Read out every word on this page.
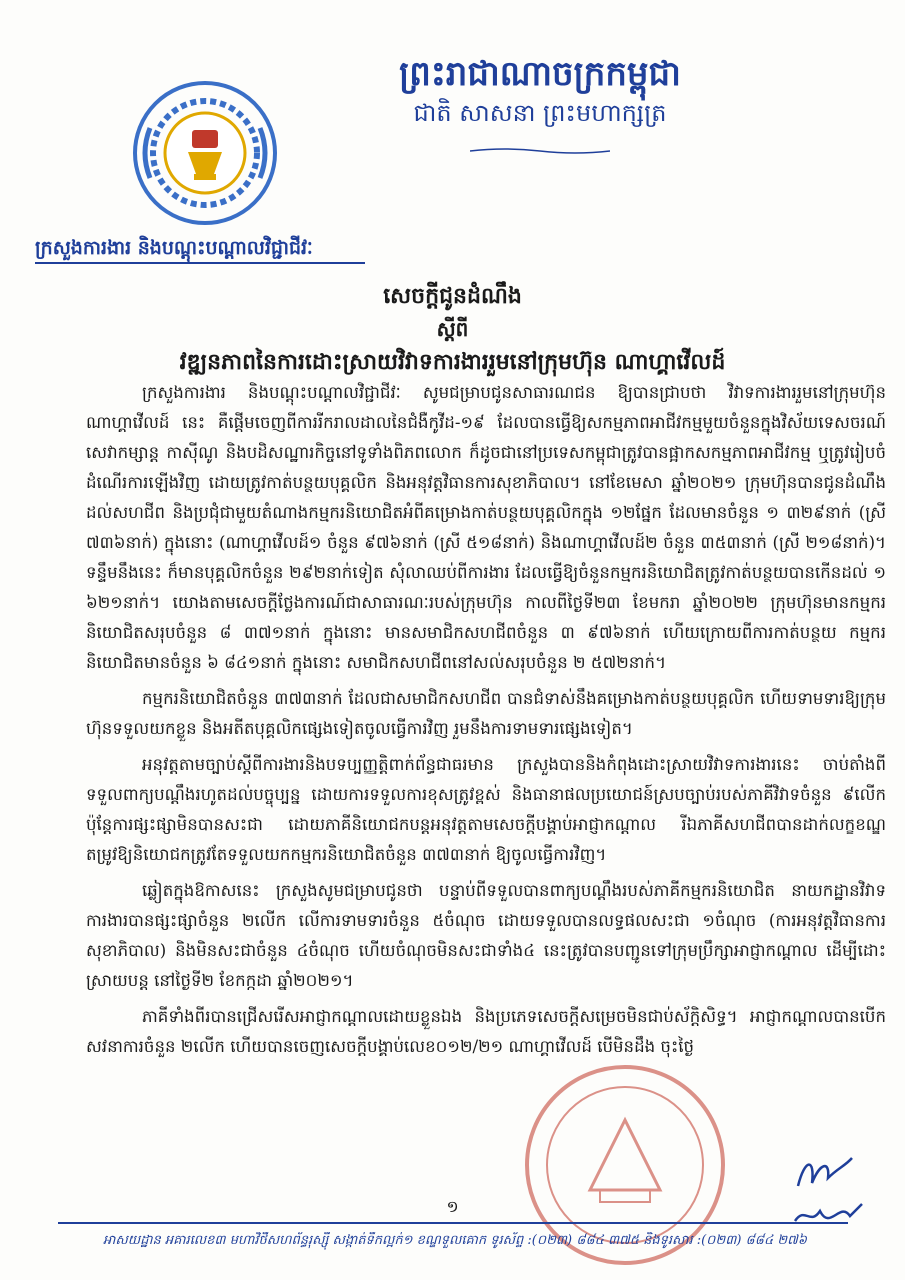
ព្រះរាជាណាចក្រកម្ពុជា
ជាតិ សាសនា ព្រះមហាក្សត្រ
ក្រសួងការងារ និងបណ្តុះបណ្តាលវិជ្ជាជីវៈ
សេចក្តីជូនដំណឹង
ស្តីពី
វឌ្ឍនភាពនៃការដោះស្រាយវិវាទការងាររួមនៅក្រុមហ៊ុន ណាហ្គាវើលដ៍

ក្រសួងការងារ និងបណ្តុះបណ្តាលវិជ្ជាជីវៈ សូមជម្រាបជូនសាធារណជន ឱ្យបានជ្រាបថា វិវាទការងាររួមនៅក្រុមហ៊ុន ណាហ្គាវើលដ៍ នេះ គឺផ្តើមចេញពីការរីករាលដាលនៃជំងឺកូវីដ-១៩ ដែលបានធ្វើឱ្យសកម្មភាពអាជីវកម្មមួយចំនួនក្នុងវិស័យទេសចរណ៍ សេវាកម្សាន្ត កាស៊ីណូ និងបដិសណ្ឋារកិច្ចនៅទូទាំងពិភពលោក ក៏ដូចជានៅប្រទេសកម្ពុជាត្រូវបានផ្អាកសកម្មភាពអាជីវកម្ម ឬត្រូវរៀបចំដំណើរការឡើងវិញ ដោយត្រូវកាត់បន្ថយបុគ្គលិក និងអនុវត្តវិធានការសុខាភិបាល។ នៅខែមេសា ឆ្នាំ២០២១ ក្រុមហ៊ុនបានជូនដំណឹងដល់សហជីព និងប្រជុំជាមួយតំណាងកម្មករនិយោជិតអំពីគម្រោងកាត់បន្ថយបុគ្គលិកក្នុង ១២ផ្នែក ដែលមានចំនួន ១ ៣២៩នាក់ (ស្រី ៧៣៦នាក់) ក្នុងនោះ (ណាហ្គាវើលដ៍១ ចំនួន ៩៧៦នាក់ (ស្រី ៥១៨នាក់) និងណាហ្គាវើលដ៍២ ចំនួន ៣៥៣នាក់ (ស្រី ២១៨នាក់)។ ទន្ទឹមនឹងនេះ ក៏មានបុគ្គលិកចំនួន ២៩២នាក់ទៀត សុំលាឈប់ពីការងារ ដែលធ្វើឱ្យចំនួនកម្មករនិយោជិតត្រូវកាត់បន្ថយបានកើនដល់ ១ ៦២១នាក់។ យោងតាមសេចក្តីថ្លែងការណ៍ជាសាធារណៈរបស់ក្រុមហ៊ុន កាលពីថ្ងៃទី២៣ ខែមករា ឆ្នាំ២០២២ ក្រុមហ៊ុនមានកម្មករនិយោជិតសរុបចំនួន ៨ ៣៧១នាក់ ក្នុងនោះ មានសមាជិកសហជីពចំនួន ៣ ៩៧៦នាក់ ហើយក្រោយពីការកាត់បន្ថយ កម្មករនិយោជិតមានចំនួន ៦ ៨៤១នាក់ ក្នុងនោះ សមាជិកសហជីពនៅសល់សរុបចំនួន ២ ៥៧២នាក់។

កម្មករនិយោជិតចំនួន ៣៧៣នាក់ ដែលជាសមាជិកសហជីព បានជំទាស់នឹងគម្រោងកាត់បន្ថយបុគ្គលិក ហើយទាមទារឱ្យក្រុមហ៊ុនទទួលយកខ្លួន និងអតីតបុគ្គលិកផ្សេងទៀតចូលធ្វើការវិញ រួមនឹងការទាមទារផ្សេងទៀត។

អនុវត្តតាមច្បាប់ស្តីពីការងារនិងបទប្បញ្ញត្តិពាក់ព័ន្ធជាធរមាន ក្រសួងបាននិងកំពុងដោះស្រាយវិវាទការងារនេះ ចាប់តាំងពីទទួលពាក្យបណ្តឹងរហូតដល់បច្ចុប្បន្ន ដោយការទទួលការខុសត្រូវខ្ពស់ និងធានាផលប្រយោជន៍ស្របច្បាប់របស់ភាគីវិវាទចំនួន ៩លើក ប៉ុន្តែការផ្សះផ្សាមិនបានសះជា ដោយភាគីនិយោជកបន្តអនុវត្តតាមសេចក្តីបង្គាប់អាជ្ញាកណ្តាល រីឯភាគីសហជីពបានដាក់លក្ខខណ្ឌតម្រូវឱ្យនិយោជកត្រូវតែទទួលយកកម្មករនិយោជិតចំនួន ៣៧៣នាក់ ឱ្យចូលធ្វើការវិញ។

ឆ្លៀតក្នុងឱកាសនេះ ក្រសួងសូមជម្រាបជូនថា បន្ទាប់ពីទទួលបានពាក្យបណ្តឹងរបស់ភាគីកម្មករនិយោជិត នាយកដ្ឋានវិវាទការងារបានផ្សះផ្សាចំនួន ២លើក លើការទាមទារចំនួន ៥ចំណុច ដោយទទួលបានលទ្ធផលសះជា ១ចំណុច (ការអនុវត្តវិធានការសុខាភិបាល) និងមិនសះជាចំនួន ៤ចំណុច ហើយចំណុចមិនសះជាទាំង៤ នេះត្រូវបានបញ្ជូនទៅក្រុមប្រឹក្សាអាជ្ញាកណ្តាល ដើម្បីដោះស្រាយបន្ត នៅថ្ងៃទី២ ខែកក្កដា ឆ្នាំ២០២១។

ភាគីទាំងពីរបានជ្រើសរើសអាជ្ញាកណ្តាលដោយខ្លួនឯង និងប្រភេទសេចក្តីសម្រេចមិនជាប់ស័ក្តិសិទ្ធ។ អាជ្ញាកណ្តាលបានបើកសវនាការចំនួន ២លើក ហើយបានចេញសេចក្តីបង្គាប់លេខ០១២/២១ ណាហ្គាវើលដ៍ បើមិនដឹង ចុះថ្ងៃ

១
អាសយដ្ឋាន អគារលេខ៣ មហាវិថីសហព័ន្ធរុស្ស៊ី សង្កាត់ទឹកល្អក់១ ខណ្ឌទួលគោក ទូរស័ព្ទ :(០២៣) ៨៨៤ ៣៧៥ និងទូរសារ :(០២៣) ៨៨៤ ២៧៦
